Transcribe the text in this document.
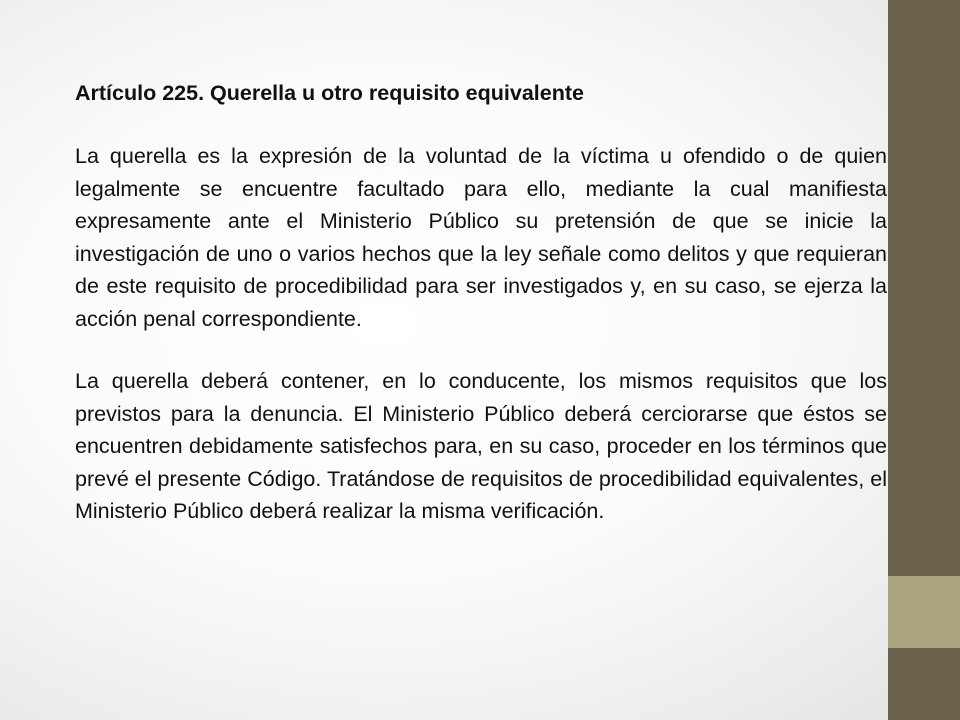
Artículo 225. Querella u otro requisito equivalente

La querella es la expresión de la voluntad de la víctima u ofendido o de quien legalmente se encuentre facultado para ello, mediante la cual manifiesta expresamente ante el Ministerio Público su pretensión de que se inicie la investigación de uno o varios hechos que la ley señale como delitos y que requieran de este requisito de procedibilidad para ser investigados y, en su caso, se ejerza la acción penal correspondiente.

La querella deberá contener, en lo conducente, los mismos requisitos que los previstos para la denuncia. El Ministerio Público deberá cerciorarse que éstos se encuentren debidamente satisfechos para, en su caso, proceder en los términos que prevé el presente Código. Tratándose de requisitos de procedibilidad equivalentes, el Ministerio Público deberá realizar la misma verificación.
